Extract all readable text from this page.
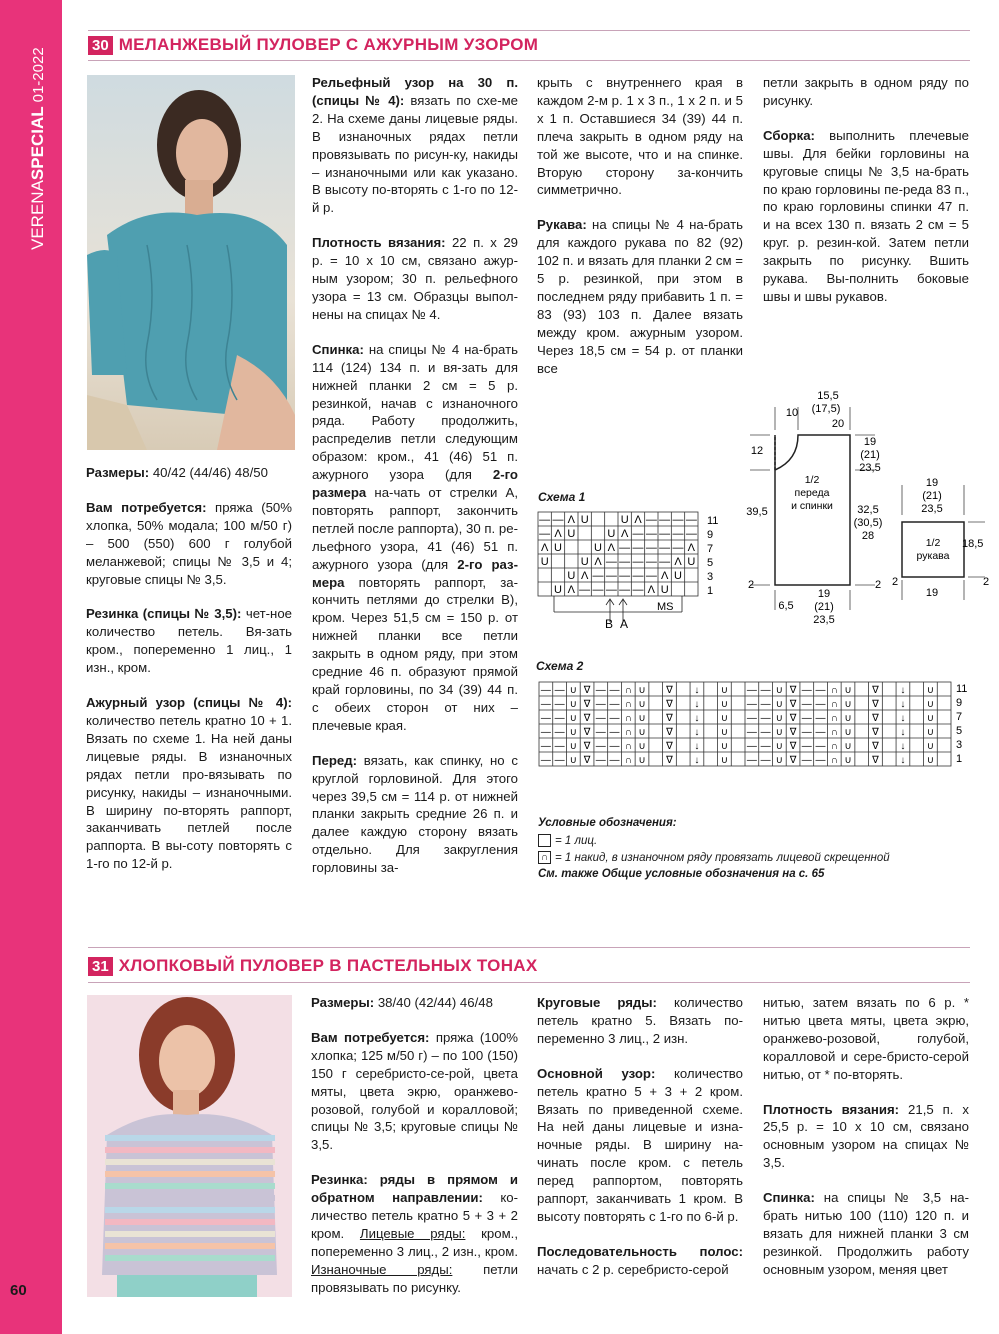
VERENASPECIAL01-2022
60
30 МЕЛАНЖЕВЫЙ ПУЛОВЕР С АЖУРНЫМ УЗОРОМ

Размеры: 40/42 (44/46) 48/50

Вам потребуется: пряжа (50% хлопка, 50% модала; 100 м/50 г) – 500 (550) 600 г голубой меланжевой; спицы № 3,5 и 4; круговые спицы № 3,5.

Резинка (спицы № 3,5): чет-ное количество петель. Вя-зать кром., попеременно 1 лиц., 1 изн., кром.

Ажурный узор (спицы № 4): количество петель кратно 10 + 1. Вязать по схеме 1. На ней даны лицевые ряды. В изнаночных рядах петли про-вязывать по рисунку, накиды – изнаночными. В ширину по-вторять раппорт, заканчивать петлей после раппорта. В вы-соту повторять с 1-го по 12-й р.

Рельефный узор на 30 п. (спицы № 4): вязать по схе-ме 2. На схеме даны лицевые ряды. В изнаночных рядах петли провязывать по рисун-ку, накиды – изнаночными или как указано. В высоту по-вторять с 1-го по 12-й р.

Плотность вязания: 22 п. х 29 р. = 10 х 10 см, связано ажур-ным узором; 30 п. рельефного узора = 13 см. Образцы выпол-нены на спицах № 4.

Спинка: на спицы № 4 на-брать 114 (124) 134 п. и вя-зать для нижней планки 2 см = 5 р. резинкой, начав с изнаночного ряда. Работу продолжить, распределив петли следующим образом: кром., 41 (46) 51 п. ажурного узора (для 2-го размера на-чать от стрелки А, повторять раппорт, закончить петлей после раппорта), 30 п. ре-льефного узора, 41 (46) 51 п. ажурного узора (для 2-го раз-мера повторять раппорт, за-кончить петлями до стрелки В), кром. Через 51,5 см = 150 р. от нижней планки все петли закрыть в одном ряду, при этом средние 46 п. образуют прямой край горловины, по 34 (39) 44 п. с обеих сторон от них – плечевые края.

Перед: вязать, как спинку, но с круглой горловиной. Для этого через 39,5 см = 114 р. от нижней планки закрыть средние 26 п. и далее каждую сторону вязать отдельно. Для закругления горловины за-

крыть с внутреннего края в каждом 2-м р. 1 х 3 п., 1 х 2 п. и 5 х 1 п. Оставшиеся 34 (39) 44 п. плеча закрыть в одном ряду на той же высоте, что и на спинке. Вторую сторону за-кончить симметрично.

Рукава: на спицы № 4 на-брать для каждого рукава по 82 (92) 102 п. и вязать для планки 2 см = 5 р. резинкой, при этом в последнем ряду прибавить 1 п. = 83 (93) 103 п. Далее вязать между кром. ажурным узором. Через 18,5 см = 54 р. от планки все

петли закрыть в одном ряду по рисунку.

Сборка: выполнить плечевые швы. Для бейки горловины на круговые спицы № 3,5 на-брать по краю горловины пе-реда 83 п., по краю горловины спинки 47 п. и на всех 130 п. вязать 2 см = 5 круг. р. резин-кой. Затем петли закрыть по рисунку. Вшить рукава. Вы-полнить боковые швы и швы рукавов.

20
15,5
(17,5)
10
12
19
(21)
23,5
39,5	32,5
(30,5)
28
1/2
переда
и спинки
2	2
6,5
19
(21)
23,5
19
(21)
23,5
1/2
рукава
18,5
2	2
19
Схема 1
— — Λ U	U Λ — — — —
— Λ U	U Λ — — — — —
Λ U	U Λ — — — — — Λ
U	U Λ — — — — — Λ U
U Λ — — — — — Λ U
U Λ — — — — — Λ U
11
9
7
5
3
1
MS
B A
Схема 2
— — ∪ ∇ — — ∩ ∪ ∇ ↓ ∪ — — ∪ ∇ — — ∩ ∪ ∇ ↓ ∪
— — ∪ ∇ — — ∩ ∪ ∇ ↓ ∪ — — ∪ ∇ — — ∩ ∪ ∇ ↓ ∪
— — ∪ ∇ — — ∩ ∪ ∇ ↓ ∪ — — ∪ ∇ — — ∩ ∪ ∇ ↓ ∪
— — ∪ ∇ — — ∩ ∪ ∇ ↓ ∪ — — ∪ ∇ — — ∩ ∪ ∇ ↓ ∪
— — ∪ ∇ — — ∩ ∪ ∇ ↓ ∪ — — ∪ ∇ — — ∩ ∪ ∇ ↓ ∪
— — ∪ ∇ — — ∩ ∪ ∇ ↓ ∪ — — ∪ ∇ — — ∩ ∪ ∇ ↓ ∪
11
9
7
5
3
1
Условные обозначения:
= 1 лиц.
∩ = 1 накид, в изнаночном ряду провязать лицевой скрещенной
См. также Общие условные обозначения на с. 65
31 ХЛОПКОВЫЙ ПУЛОВЕР В ПАСТЕЛЬНЫХ ТОНАХ

Размеры: 38/40 (42/44) 46/48

Вам потребуется: пряжа (100% хлопка; 125 м/50 г) – по 100 (150) 150 г серебристо-се-рой, цвета мяты, цвета экрю, оранжево-розовой, голубой и коралловой; спицы № 3,5; круговые спицы № 3,5.

Резинка: ряды в прямом и обратном направлении: ко-личество петель кратно 5 + 3 + 2 кром. Лицевые ряды: кром., попеременно 3 лиц., 2 изн., кром. Изнаночные ряды: петли провязывать по рисунку.

Круговые ряды: количество петель кратно 5. Вязать по-переменно 3 лиц., 2 изн.

Основной узор: количество петель кратно 5 + 3 + 2 кром. Вязать по приведенной схеме. На ней даны лицевые и изна-ночные ряды. В ширину на-чинать после кром. с петель перед раппортом, повторять раппорт, заканчивать 1 кром. В высоту повторять с 1-го по 6-й р.

Последовательность полос: начать с 2 р. серебристо-серой

нитью, затем вязать по 6 р. * нитью цвета мяты, цвета экрю, оранжево-розовой, голубой, коралловой и сере-бристо-серой нитью, от * по-вторять.

Плотность вязания: 21,5 п. х 25,5 р. = 10 х 10 см, связано основным узором на спицах № 3,5.

Спинка: на спицы № 3,5 на-брать нитью 100 (110) 120 п. и вязать для нижней планки 3 см резинкой. Продолжить работу основным узором, меняя цвет
